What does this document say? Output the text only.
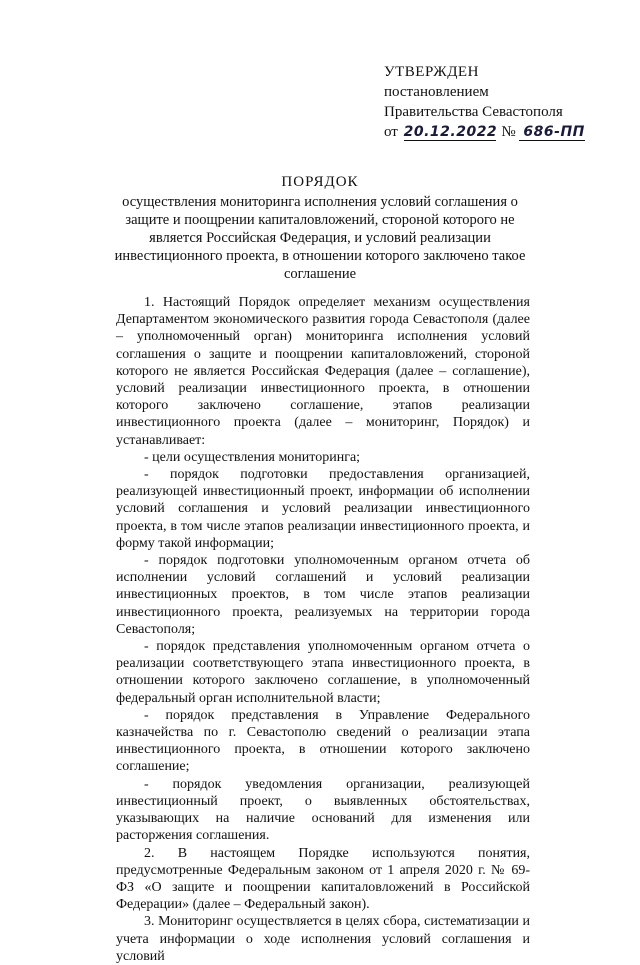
УТВЕРЖДЕН
постановлением
Правительства Севастополя
от 20.12.2022 № 686-ПП
ПОРЯДОК
осуществления мониторинга исполнения условий соглашения о защите и поощрении капиталовложений, стороной которого не является Российская Федерация, и условий реализации инвестиционного проекта, в отношении которого заключено такое соглашение

1. Настоящий Порядок определяет механизм осуществления Департаментом экономического развития города Севастополя (далее – уполномоченный орган) мониторинга исполнения условий соглашения о защите и поощрении капиталовложений, стороной которого не является Российская Федерация (далее – соглашение), условий реализации инвестиционного проекта, в отношении которого заключено соглашение, этапов реализации инвестиционного проекта (далее – мониторинг, Порядок) и устанавливает:

- цели осуществления мониторинга;

- порядок подготовки предоставления организацией, реализующей инвестиционный проект, информации об исполнении условий соглашения и условий реализации инвестиционного проекта, в том числе этапов реализации инвестиционного проекта, и форму такой информации;

- порядок подготовки уполномоченным органом отчета об исполнении условий соглашений и условий реализации инвестиционных проектов, в том числе этапов реализации инвестиционного проекта, реализуемых на территории города Севастополя;

- порядок представления уполномоченным органом отчета о реализации соответствующего этапа инвестиционного проекта, в отношении которого заключено соглашение, в уполномоченный федеральный орган исполнительной власти;

- порядок представления в Управление Федерального казначейства по г. Севастополю сведений о реализации этапа инвестиционного проекта, в отношении которого заключено соглашение;

- порядок уведомления организации, реализующей инвестиционный проект, о выявленных обстоятельствах, указывающих на наличие оснований для изменения или расторжения соглашения.

2. В настоящем Порядке используются понятия, предусмотренные Федеральным законом от 1 апреля 2020 г. № 69-ФЗ «О защите и поощрении капиталовложений в Российской Федерации» (далее – Федеральный закон).

3. Мониторинг осуществляется в целях сбора, систематизации и учета информации о ходе исполнения условий соглашения и условий
